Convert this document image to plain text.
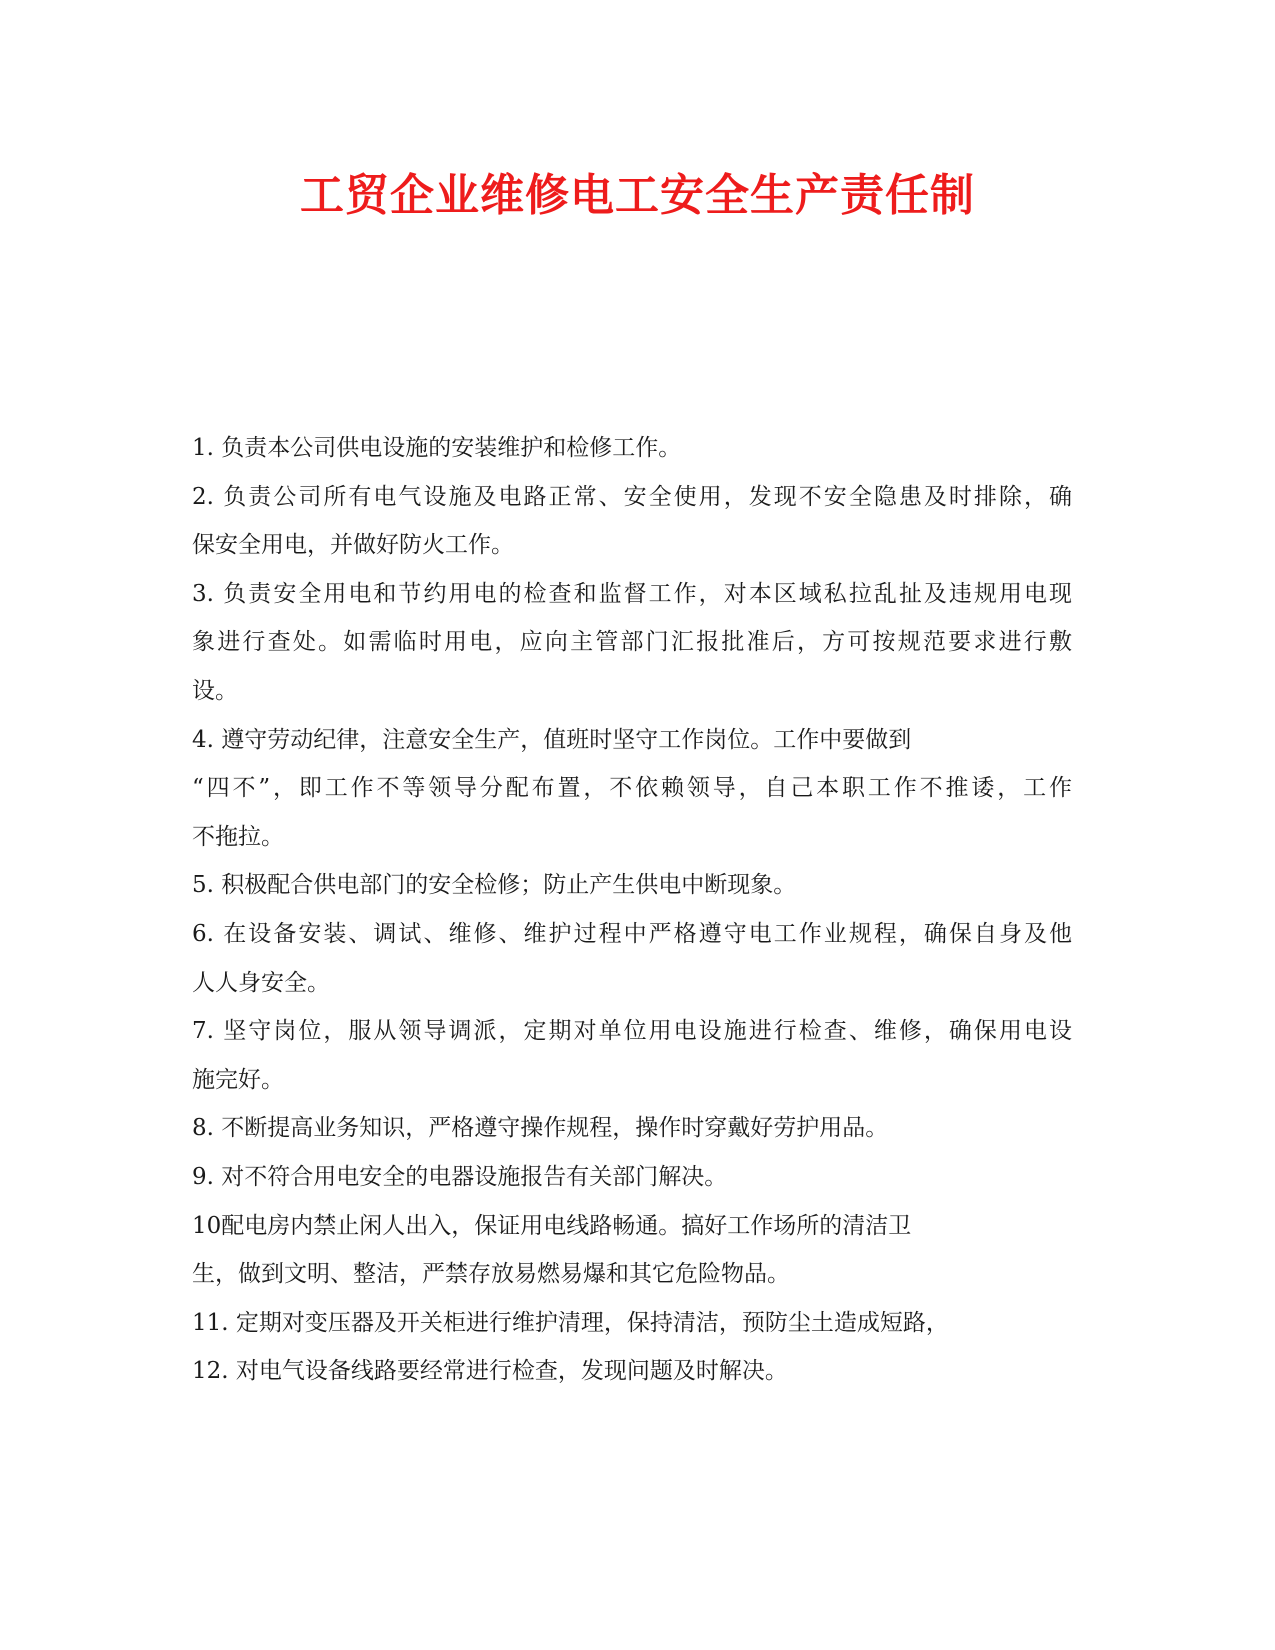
工贸企业维修电工安全生产责任制
1. 负责本公司供电设施的安装维护和检修工作。
2. 负责公司所有电气设施及电路正常、安全使用，发现不安全隐患及时排除，确
保安全用电，并做好防火工作。
3. 负责安全用电和节约用电的检查和监督工作，对本区域私拉乱扯及违规用电现
象进行查处。如需临时用电，应向主管部门汇报批准后，方可按规范要求进行敷
设。
4. 遵守劳动纪律，注意安全生产，值班时坚守工作岗位。工作中要做到
“四不”，即工作不等领导分配布置，不依赖领导，自己本职工作不推诿，工作
不拖拉。
5. 积极配合供电部门的安全检修；防止产生供电中断现象。
6. 在设备安装、调试、维修、维护过程中严格遵守电工作业规程，确保自身及他
人人身安全。
7. 坚守岗位，服从领导调派，定期对单位用电设施进行检查、维修，确保用电设
施完好。
8. 不断提高业务知识，严格遵守操作规程，操作时穿戴好劳护用品。
9. 对不符合用电安全的电器设施报告有关部门解决。
10配电房内禁止闲人出入，保证用电线路畅通。搞好工作场所的清洁卫
生，做到文明、整洁，严禁存放易燃易爆和其它危险物品。
11. 定期对变压器及开关柜进行维护清理，保持清洁，预防尘土造成短路，
12. 对电气设备线路要经常进行检查，发现问题及时解决。
